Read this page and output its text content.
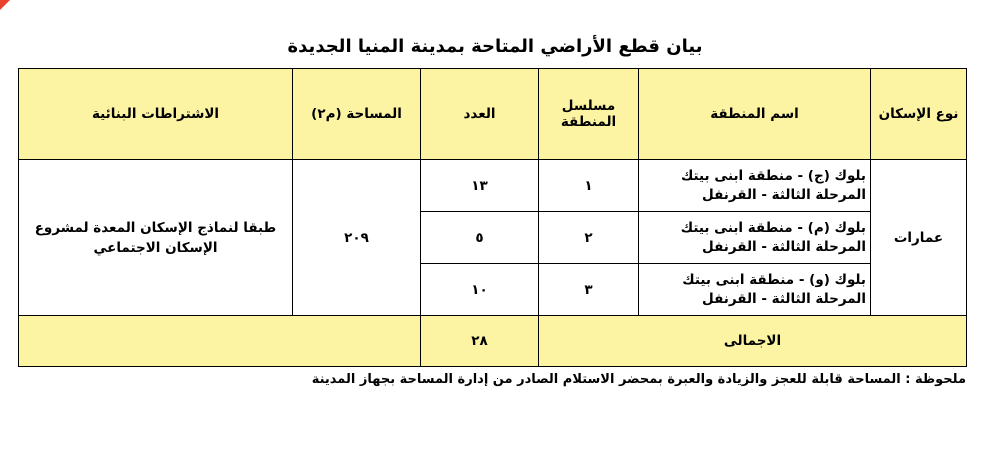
بيان قطع الأراضي المتاحة بمدينة المنيا الجديدة
نوع الإسكان	اسم المنطقة	مسلسل المنطقة	العدد	المساحة (م٢)	الاشتراطات البنائية
عمارات	بلوك (ج) - منطقة ابنى بيتك المرحلة الثالثة - القرنفل	١	١٣	٢٠٩	طبقا لنماذج الإسكان المعدة لمشروع الإسكان الاجتماعي
	بلوك (م) - منطقة ابنى بيتك المرحلة الثالثة - القرنفل	٢	٥		
	بلوك (و) - منطقة ابنى بيتك المرحلة الثالثة - القرنفل	٣	١٠		
الاجمالى			٢٨		
ملحوظة : المساحة قابلة للعجز والزيادة والعبرة بمحضر الاستلام الصادر من إدارة المساحة بجهاز المدينة
